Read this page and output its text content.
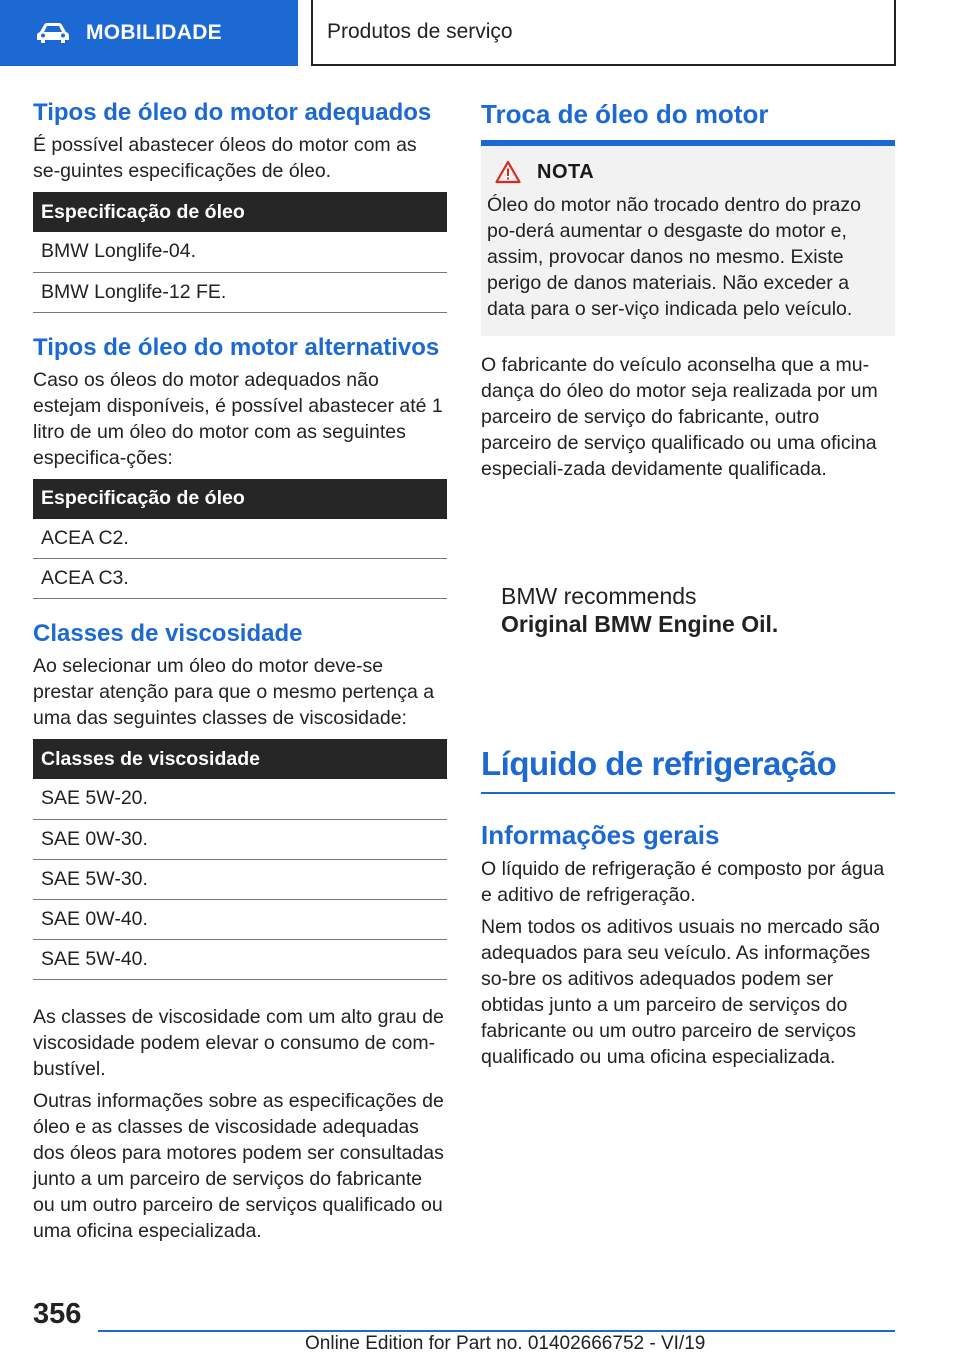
MOBILIDADE	Produtos de serviço
Tipos de óleo do motor adequados

É possível abastecer óleos do motor com as se-guintes especificações de óleo.

Especificação de óleo
BMW Longlife-04.
BMW Longlife-12 FE.
Tipos de óleo do motor alternativos

Caso os óleos do motor adequados não estejam disponíveis, é possível abastecer até 1 litro de um óleo do motor com as seguintes especifica-ções:

Especificação de óleo
ACEA C2.
ACEA C3.
Classes de viscosidade

Ao selecionar um óleo do motor deve-se prestar atenção para que o mesmo pertença a uma das seguintes classes de viscosidade:

Classes de viscosidade
SAE 5W-20.
SAE 0W-30.
SAE 5W-30.
SAE 0W-40.
SAE 5W-40.

As classes de viscosidade com um alto grau de viscosidade podem elevar o consumo de com-bustível.

Outras informações sobre as especificações de óleo e as classes de viscosidade adequadas dos óleos para motores podem ser consultadas junto a um parceiro de serviços do fabricante ou um outro parceiro de serviços qualificado ou uma oficina especializada.

Troca de óleo do motor
NOTA

Óleo do motor não trocado dentro do prazo po-derá aumentar o desgaste do motor e, assim, provocar danos no mesmo. Existe perigo de danos materiais. Não exceder a data para o ser-viço indicada pelo veículo.

O fabricante do veículo aconselha que a mu-dança do óleo do motor seja realizada por um parceiro de serviço do fabricante, outro parceiro de serviço qualificado ou uma oficina especiali-zada devidamente qualificada.

BMW recommends
Original BMW Engine Oil.
Líquido de refrigeração
Informações gerais

O líquido de refrigeração é composto por água e aditivo de refrigeração.

Nem todos os aditivos usuais no mercado são adequados para seu veículo. As informações so-bre os aditivos adequados podem ser obtidas junto a um parceiro de serviços do fabricante ou um outro parceiro de serviços qualificado ou uma oficina especializada.

356
Online Edition for Part no. 01402666752 - VI/19
